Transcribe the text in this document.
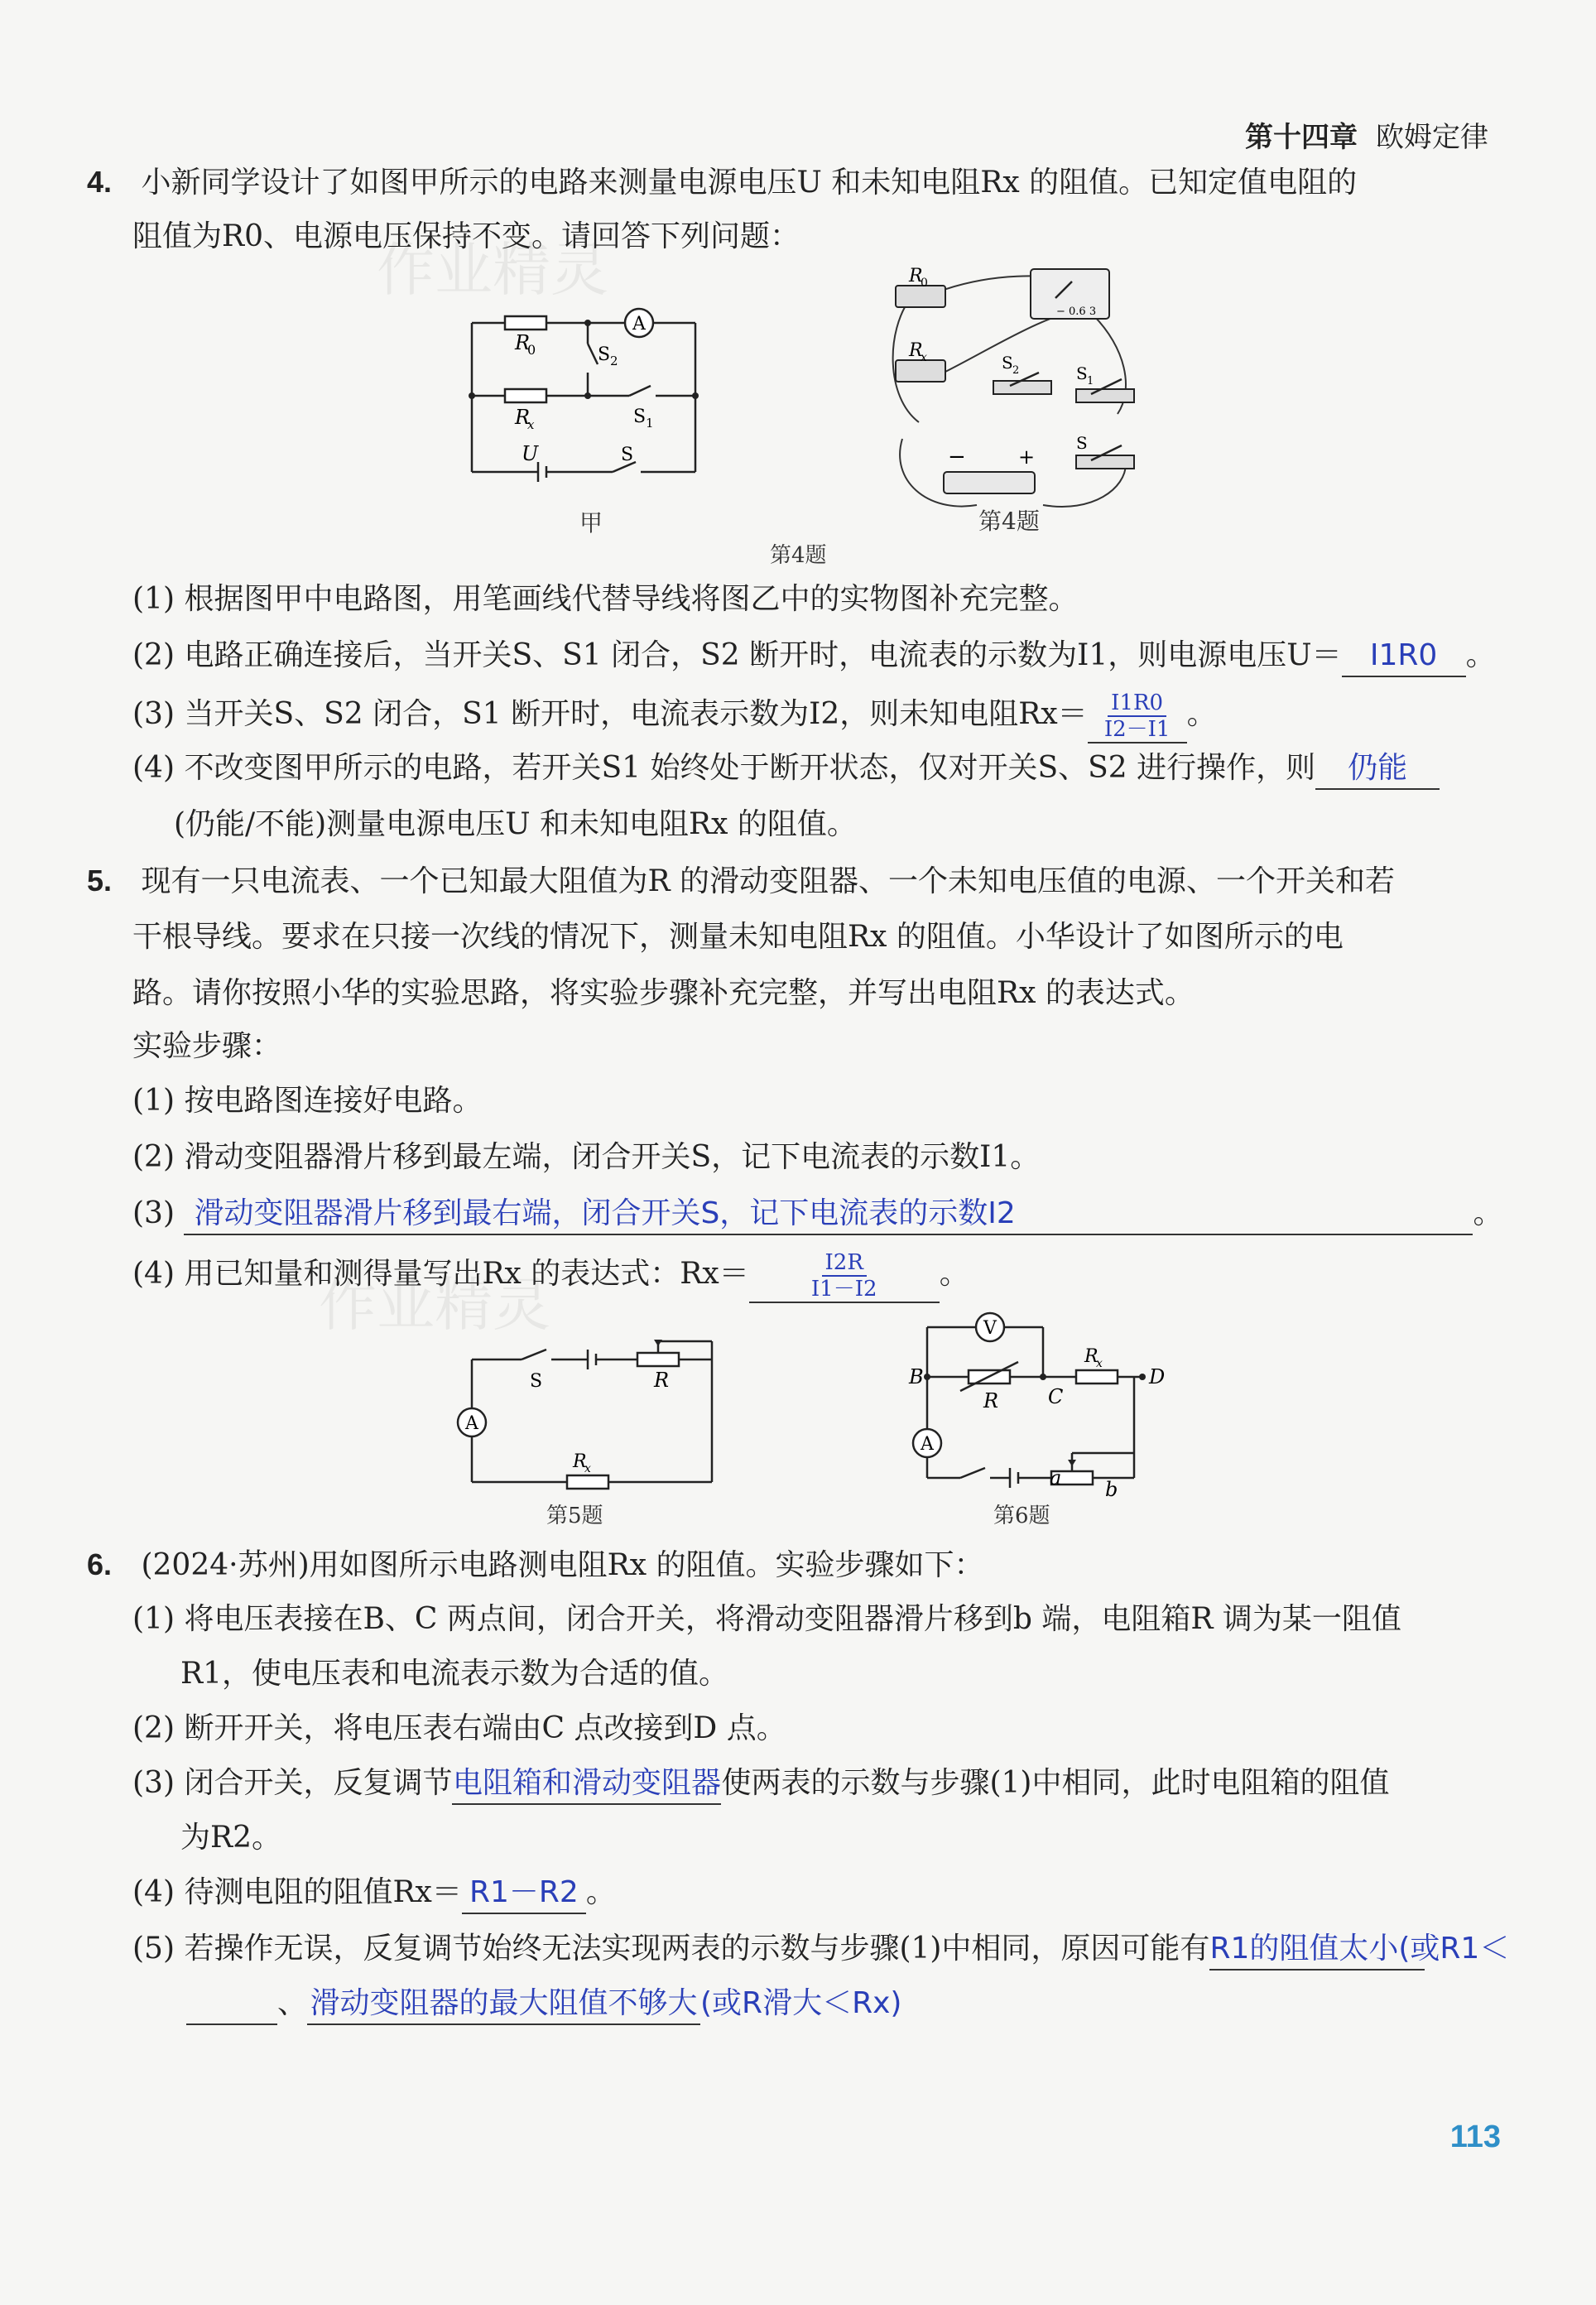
作业精灵
作业精灵
第十四章 欧姆定律
4. 小新同学设计了如图甲所示的电路来测量电源电压U 和未知电阻Rx 的阻值。已知定值电阻的
阻值为R0、电源电压保持不变。请回答下列问题：
A
R
0	S 2
R
x	S 1
U	S
甲
R
0
R
x	S 2	S 1
S
−	+
− 0.6 3
第4题
第4题
(1) 根据图甲中电路图，用笔画线代替导线将图乙中的实物图补充完整。
(2) 电路正确连接后，当开关S、S1 闭合，S2 断开时，电流表的示数为I1，则电源电压U＝ I1R0 。
(3) 当开关S、S2 闭合，S1 断开时，电流表示数为I2，则未知电阻$Rx= \frac{I1R0}{I2-I1}$ 。
(4) 不改变图甲所示的电路，若开关S1 始终处于断开状态，仅对开关S、S2 进行操作，则 仍能
(仍能/不能)测量电源电压U 和未知电阻Rx 的阻值。
5. 现有一只电流表、一个已知最大阻值为R 的滑动变阻器、一个未知电压值的电源、一个开关和若
干根导线。要求在只接一次线的情况下，测量未知电阻Rx 的阻值。小华设计了如图所示的电
路。请你按照小华的实验思路，将实验步骤补充完整，并写出电阻Rx 的表达式。
实验步骤：
(1) 按电路图连接好电路。
(2) 滑动变阻器滑片移到最左端，闭合开关S，记下电流表的示数I1。
(3) 滑动变阻器滑片移到最右端，闭合开关S，记下电流表的示数I2	。
(4) 用已知量和测得量写出Rx 的表达式：Rx＝	$\frac{I2R}{I1-I2}$ 。
A
S	R
R
x
第5题
V
A
B
C
D
R
R
x
a b
第6题
6. (2024·苏州)用如图所示电路测电阻Rx 的阻值。实验步骤如下：
(1) 将电压表接在B、C 两点间，闭合开关，将滑动变阻器滑片移到b 端，电阻箱R 调为某一阻值
R1，使电压表和电流表示数为合适的值。
(2) 断开开关，将电压表右端由C 点改接到D 点。
(3) 闭合开关，反复调节电阻箱和滑动变阻器使两表的示数与步骤(1)中相同，此时电阻箱的阻值
为R2。
(4) 待测电阻的阻值Rx＝ R1－R2 。
(5) 若操作无误，反复调节始终无法实现两表的示数与步骤(1)中相同，原因可能有R1的阻值太小(或R1＜
、滑动变阻器的最大阻值不够大(或R滑大＜Rx)
113
